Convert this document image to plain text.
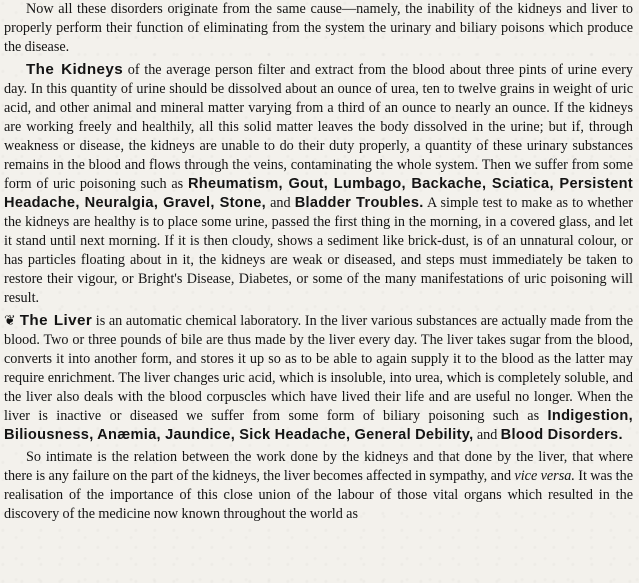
Now all these disorders originate from the same cause—namely, the inability of the kidneys and liver to properly perform their function of eliminating from the system the urinary and biliary poisons which produce the disease.

The Kidneys of the average person filter and extract from the blood about three pints of urine every day. In this quantity of urine should be dissolved about an ounce of urea, ten to twelve grains in weight of uric acid, and other animal and mineral matter varying from a third of an ounce to nearly an ounce. If the kidneys are working freely and healthily, all this solid matter leaves the body dissolved in the urine; but if, through weakness or disease, the kidneys are unable to do their duty properly, a quantity of these urinary substances remains in the blood and flows through the veins, contaminating the whole system. Then we suffer from some form of uric poisoning such as Rheumatism, Gout, Lumbago, Backache, Sciatica, Persistent Headache, Neuralgia, Gravel, Stone, and Bladder Troubles. A simple test to make as to whether the kidneys are healthy is to place some urine, passed the first thing in the morning, in a covered glass, and let it stand until next morning. If it is then cloudy, shows a sediment like brick-dust, is of an unnatural colour, or has particles floating about in it, the kidneys are weak or diseased, and steps must immediately be taken to restore their vigour, or Bright's Disease, Diabetes, or some of the many manifestations of uric poisoning will result.

❦ The Liver is an automatic chemical laboratory. In the liver various substances are actually made from the blood. Two or three pounds of bile are thus made by the liver every day. The liver takes sugar from the blood, converts it into another form, and stores it up so as to be able to again supply it to the blood as the latter may require enrichment. The liver changes uric acid, which is insoluble, into urea, which is completely soluble, and the liver also deals with the blood corpuscles which have lived their life and are useful no longer. When the liver is inactive or diseased we suffer from some form of biliary poisoning such as Indigestion, Biliousness, Anæmia, Jaundice, Sick Headache, General Debility, and Blood Disorders.

So intimate is the relation between the work done by the kidneys and that done by the liver, that where there is any failure on the part of the kidneys, the liver becomes affected in sympathy, and vice versa. It was the realisation of the importance of this close union of the labour of those vital organs which resulted in the discovery of the medicine now known throughout the world as
